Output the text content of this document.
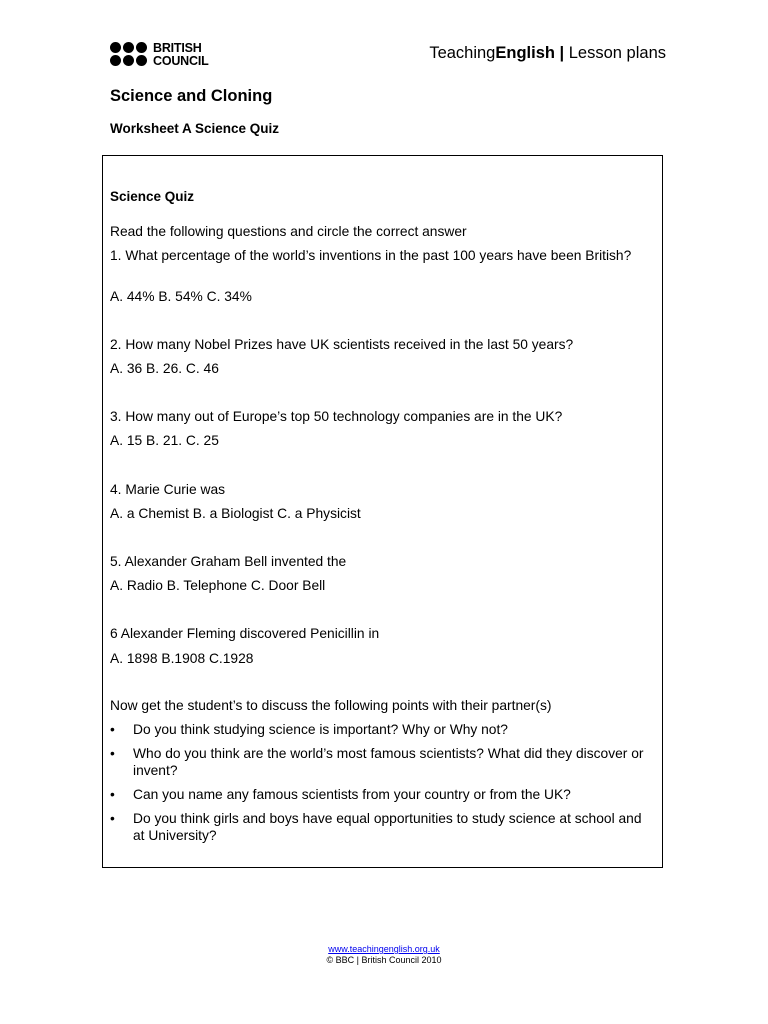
BRITISH
COUNCIL	TeachingEnglish | Lesson plans
Science and Cloning
Worksheet A Science Quiz
Science Quiz
Read the following questions and circle the correct answer
1. What percentage of the world’s inventions in the past 100 years have been British?
A. 44% B. 54% C. 34%
2. How many Nobel Prizes have UK scientists received in the last 50 years?
A. 36 B. 26. C. 46
3. How many out of Europe’s top 50 technology companies are in the UK?
A. 15 B. 21. C. 25
4. Marie Curie was
A. a Chemist B. a Biologist C. a Physicist
5. Alexander Graham Bell invented the
A. Radio B. Telephone C. Door Bell
6 Alexander Fleming discovered Penicillin in
A. 1898 B.1908 C.1928
Now get the student’s to discuss the following points with their partner(s)
• Do you think studying science is important? Why or Why not?
• Who do you think are the world’s most famous scientists? What did they discover or invent?
• Can you name any famous scientists from your country or from the UK?
• Do you think girls and boys have equal opportunities to study science at school and at University?
www.teachingenglish.org.uk
© BBC | British Council 2010
